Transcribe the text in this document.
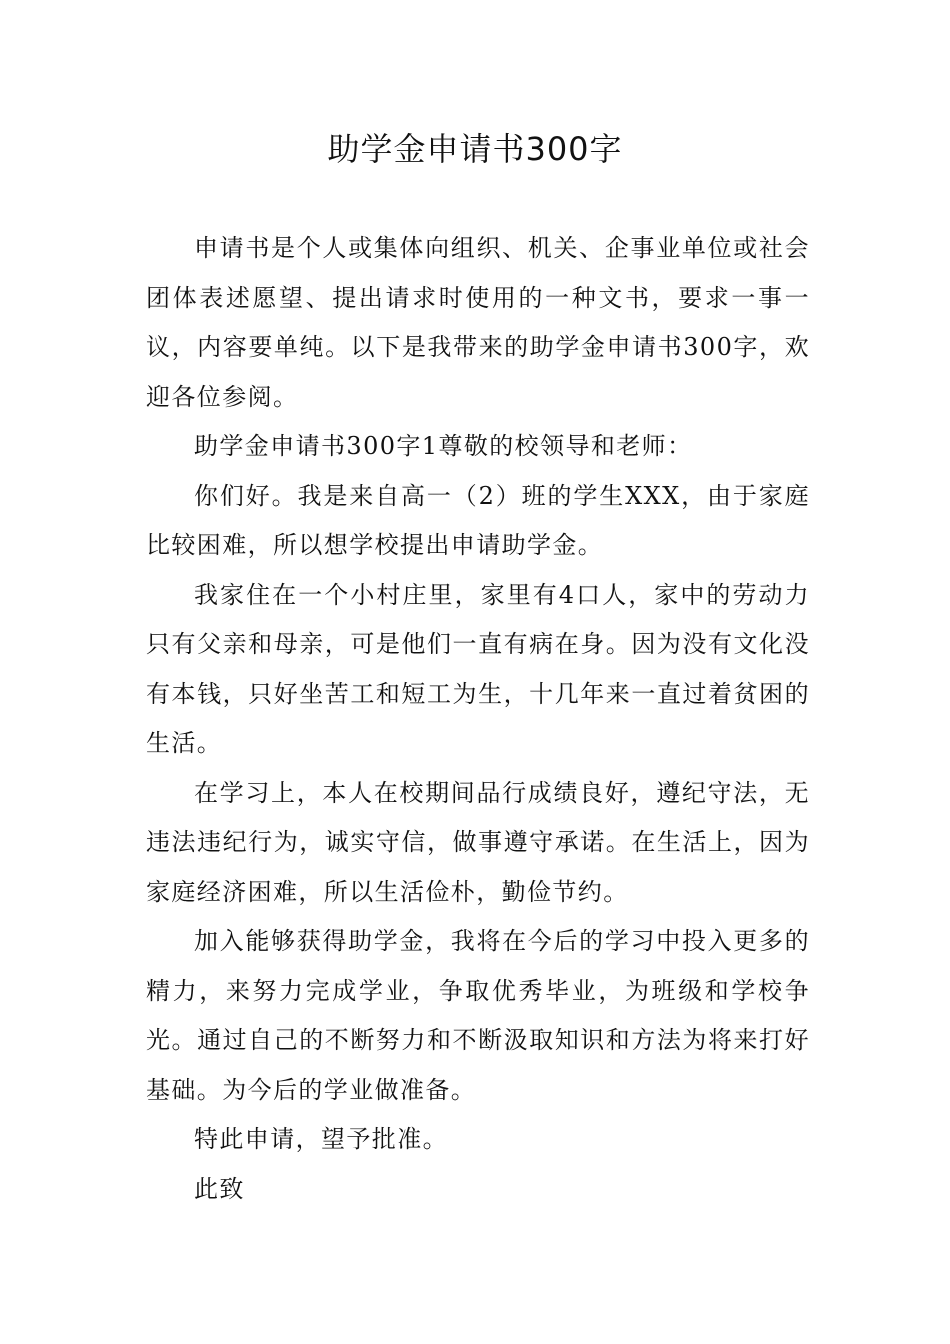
助学金申请书300字

申请书是个人或集体向组织、机关、企事业单位或社会团体表述愿望、提出请求时使用的一种文书，要求一事一议，内容要单纯。以下是我带来的助学金申请书300字，欢迎各位参阅。

助学金申请书300字1尊敬的校领导和老师：

你们好。我是来自高一（2）班的学生XXX，由于家庭比较困难，所以想学校提出申请助学金。

我家住在一个小村庄里，家里有4口人，家中的劳动力只有父亲和母亲，可是他们一直有病在身。因为没有文化没有本钱，只好坐苦工和短工为生，十几年来一直过着贫困的生活。

在学习上，本人在校期间品行成绩良好，遵纪守法，无违法违纪行为，诚实守信，做事遵守承诺。在生活上，因为家庭经济困难，所以生活俭朴，勤俭节约。

加入能够获得助学金，我将在今后的学习中投入更多的精力，来努力完成学业，争取优秀毕业，为班级和学校争光。通过自己的不断努力和不断汲取知识和方法为将来打好基础。为今后的学业做准备。

特此申请，望予批准。

此致
